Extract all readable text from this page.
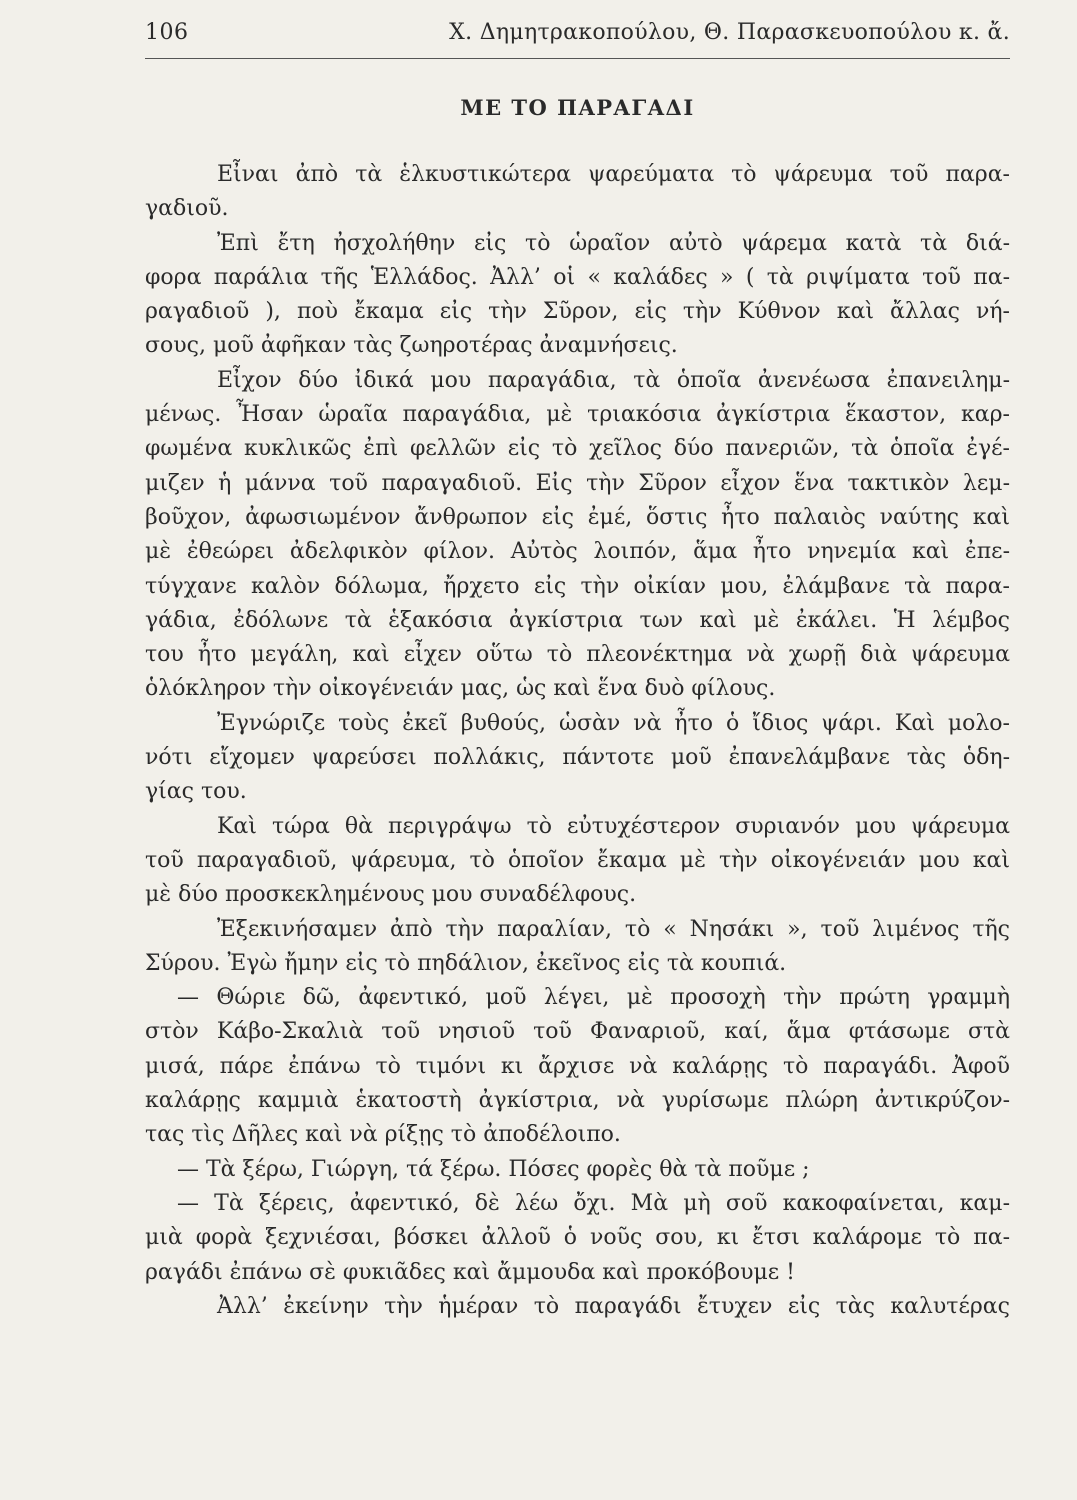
106	Χ. Δημητρακοπούλου, Θ. Παρασκευοπούλου κ. ἄ.
ΜΕ ΤΟ ΠΑΡΑΓΑΔΙ
Εἶναι ἀπὸ τὰ ἑλκυστικώτερα ψαρεύματα τὸ ψάρευμα τοῦ παρα-
γαδιοῦ.
Ἐπὶ ἔτη ἠσχολήθην εἰς τὸ ὡραῖον αὐτὸ ψάρεμα κατὰ τὰ διά-
φορα παράλια τῆς Ἑλλάδος. Ἀλλ’ οἱ « καλάδες » ( τὰ ριψίματα τοῦ πα-
ραγαδιοῦ ), ποὺ ἔκαμα εἰς τὴν Σῦρον, εἰς τὴν Κύθνον καὶ ἄλλας νή-
σους, μοῦ ἀφῆκαν τὰς ζωηροτέρας ἀναμνήσεις.
Εἶχον δύο ἰδικά μου παραγάδια, τὰ ὁποῖα ἀνενέωσα ἐπανειλημ-
μένως. Ἦσαν ὡραῖα παραγάδια, μὲ τριακόσια ἀγκίστρια ἕκαστον, καρ-
φωμένα κυκλικῶς ἐπὶ φελλῶν εἰς τὸ χεῖλος δύο πανεριῶν, τὰ ὁποῖα ἐγέ-
μιζεν ἡ μάννα τοῦ παραγαδιοῦ. Εἰς τὴν Σῦρον εἶχον ἕνα τακτικὸν λεμ-
βοῦχον, ἀφωσιωμένον ἄνθρωπον εἰς ἐμέ, ὅστις ἦτο παλαιὸς ναύτης καὶ
μὲ ἐθεώρει ἀδελφικὸν φίλον. Αὐτὸς λοιπόν, ἅμα ἦτο νηνεμία καὶ ἐπε-
τύγχανε καλὸν δόλωμα, ἤρχετο εἰς τὴν οἰκίαν μου, ἐλάμβανε τὰ παρα-
γάδια, ἐδόλωνε τὰ ἑξακόσια ἀγκίστρια των καὶ μὲ ἐκάλει. Ἡ λέμβος
του ἦτο μεγάλη, καὶ εἶχεν οὕτω τὸ πλεονέκτημα νὰ χωρῇ διὰ ψάρευμα
ὁλόκληρον τὴν οἰκογένειάν μας, ὡς καὶ ἕνα δυὸ φίλους.
Ἐγνώριζε τοὺς ἐκεῖ βυθούς, ὡσὰν νὰ ἦτο ὁ ἴδιος ψάρι. Καὶ μολο-
νότι εἴχομεν ψαρεύσει πολλάκις, πάντοτε μοῦ ἐπανελάμβανε τὰς ὁδη-
γίας του.
Καὶ τώρα θὰ περιγράψω τὸ εὐτυχέστερον συριανόν μου ψάρευμα
τοῦ παραγαδιοῦ, ψάρευμα, τὸ ὁποῖον ἔκαμα μὲ τὴν οἰκογένειάν μου καὶ
μὲ δύο προσκεκλημένους μου συναδέλφους.
Ἐξεκινήσαμεν ἀπὸ τὴν παραλίαν, τὸ « Νησάκι », τοῦ λιμένος τῆς
Σύρου. Ἐγὼ ἤμην εἰς τὸ πηδάλιον, ἐκεῖνος εἰς τὰ κουπιά.
— Θώριε δῶ, ἀφεντικό, μοῦ λέγει, μὲ προσοχὴ τὴν πρώτη γραμμὴ
στὸν Κάβο-Σκαλιὰ τοῦ νησιοῦ τοῦ Φαναριοῦ, καί, ἅμα φτάσωμε στὰ
μισά, πάρε ἐπάνω τὸ τιμόνι κι ἄρχισε νὰ καλάρῃς τὸ παραγάδι. Ἀφοῦ
καλάρῃς καμμιὰ ἑκατοστὴ ἀγκίστρια, νὰ γυρίσωμε πλώρη ἀντικρύζον-
τας τὶς Δῆλες καὶ νὰ ρίξῃς τὸ ἀποδέλοιπο.
— Τὰ ξέρω, Γιώργη, τά ξέρω. Πόσες φορὲς θὰ τὰ ποῦμε ;
— Τὰ ξέρεις, ἀφεντικό, δὲ λέω ὄχι. Μὰ μὴ σοῦ κακοφαίνεται, καμ-
μιὰ φορὰ ξεχνιέσαι, βόσκει ἀλλοῦ ὁ νοῦς σου, κι ἔτσι καλάρομε τὸ πα-
ραγάδι ἐπάνω σὲ φυκιᾶδες καὶ ἄμμουδα καὶ προκόβουμε !
Ἀλλ’ ἐκείνην τὴν ἡμέραν τὸ παραγάδι ἔτυχεν εἰς τὰς καλυτέρας
